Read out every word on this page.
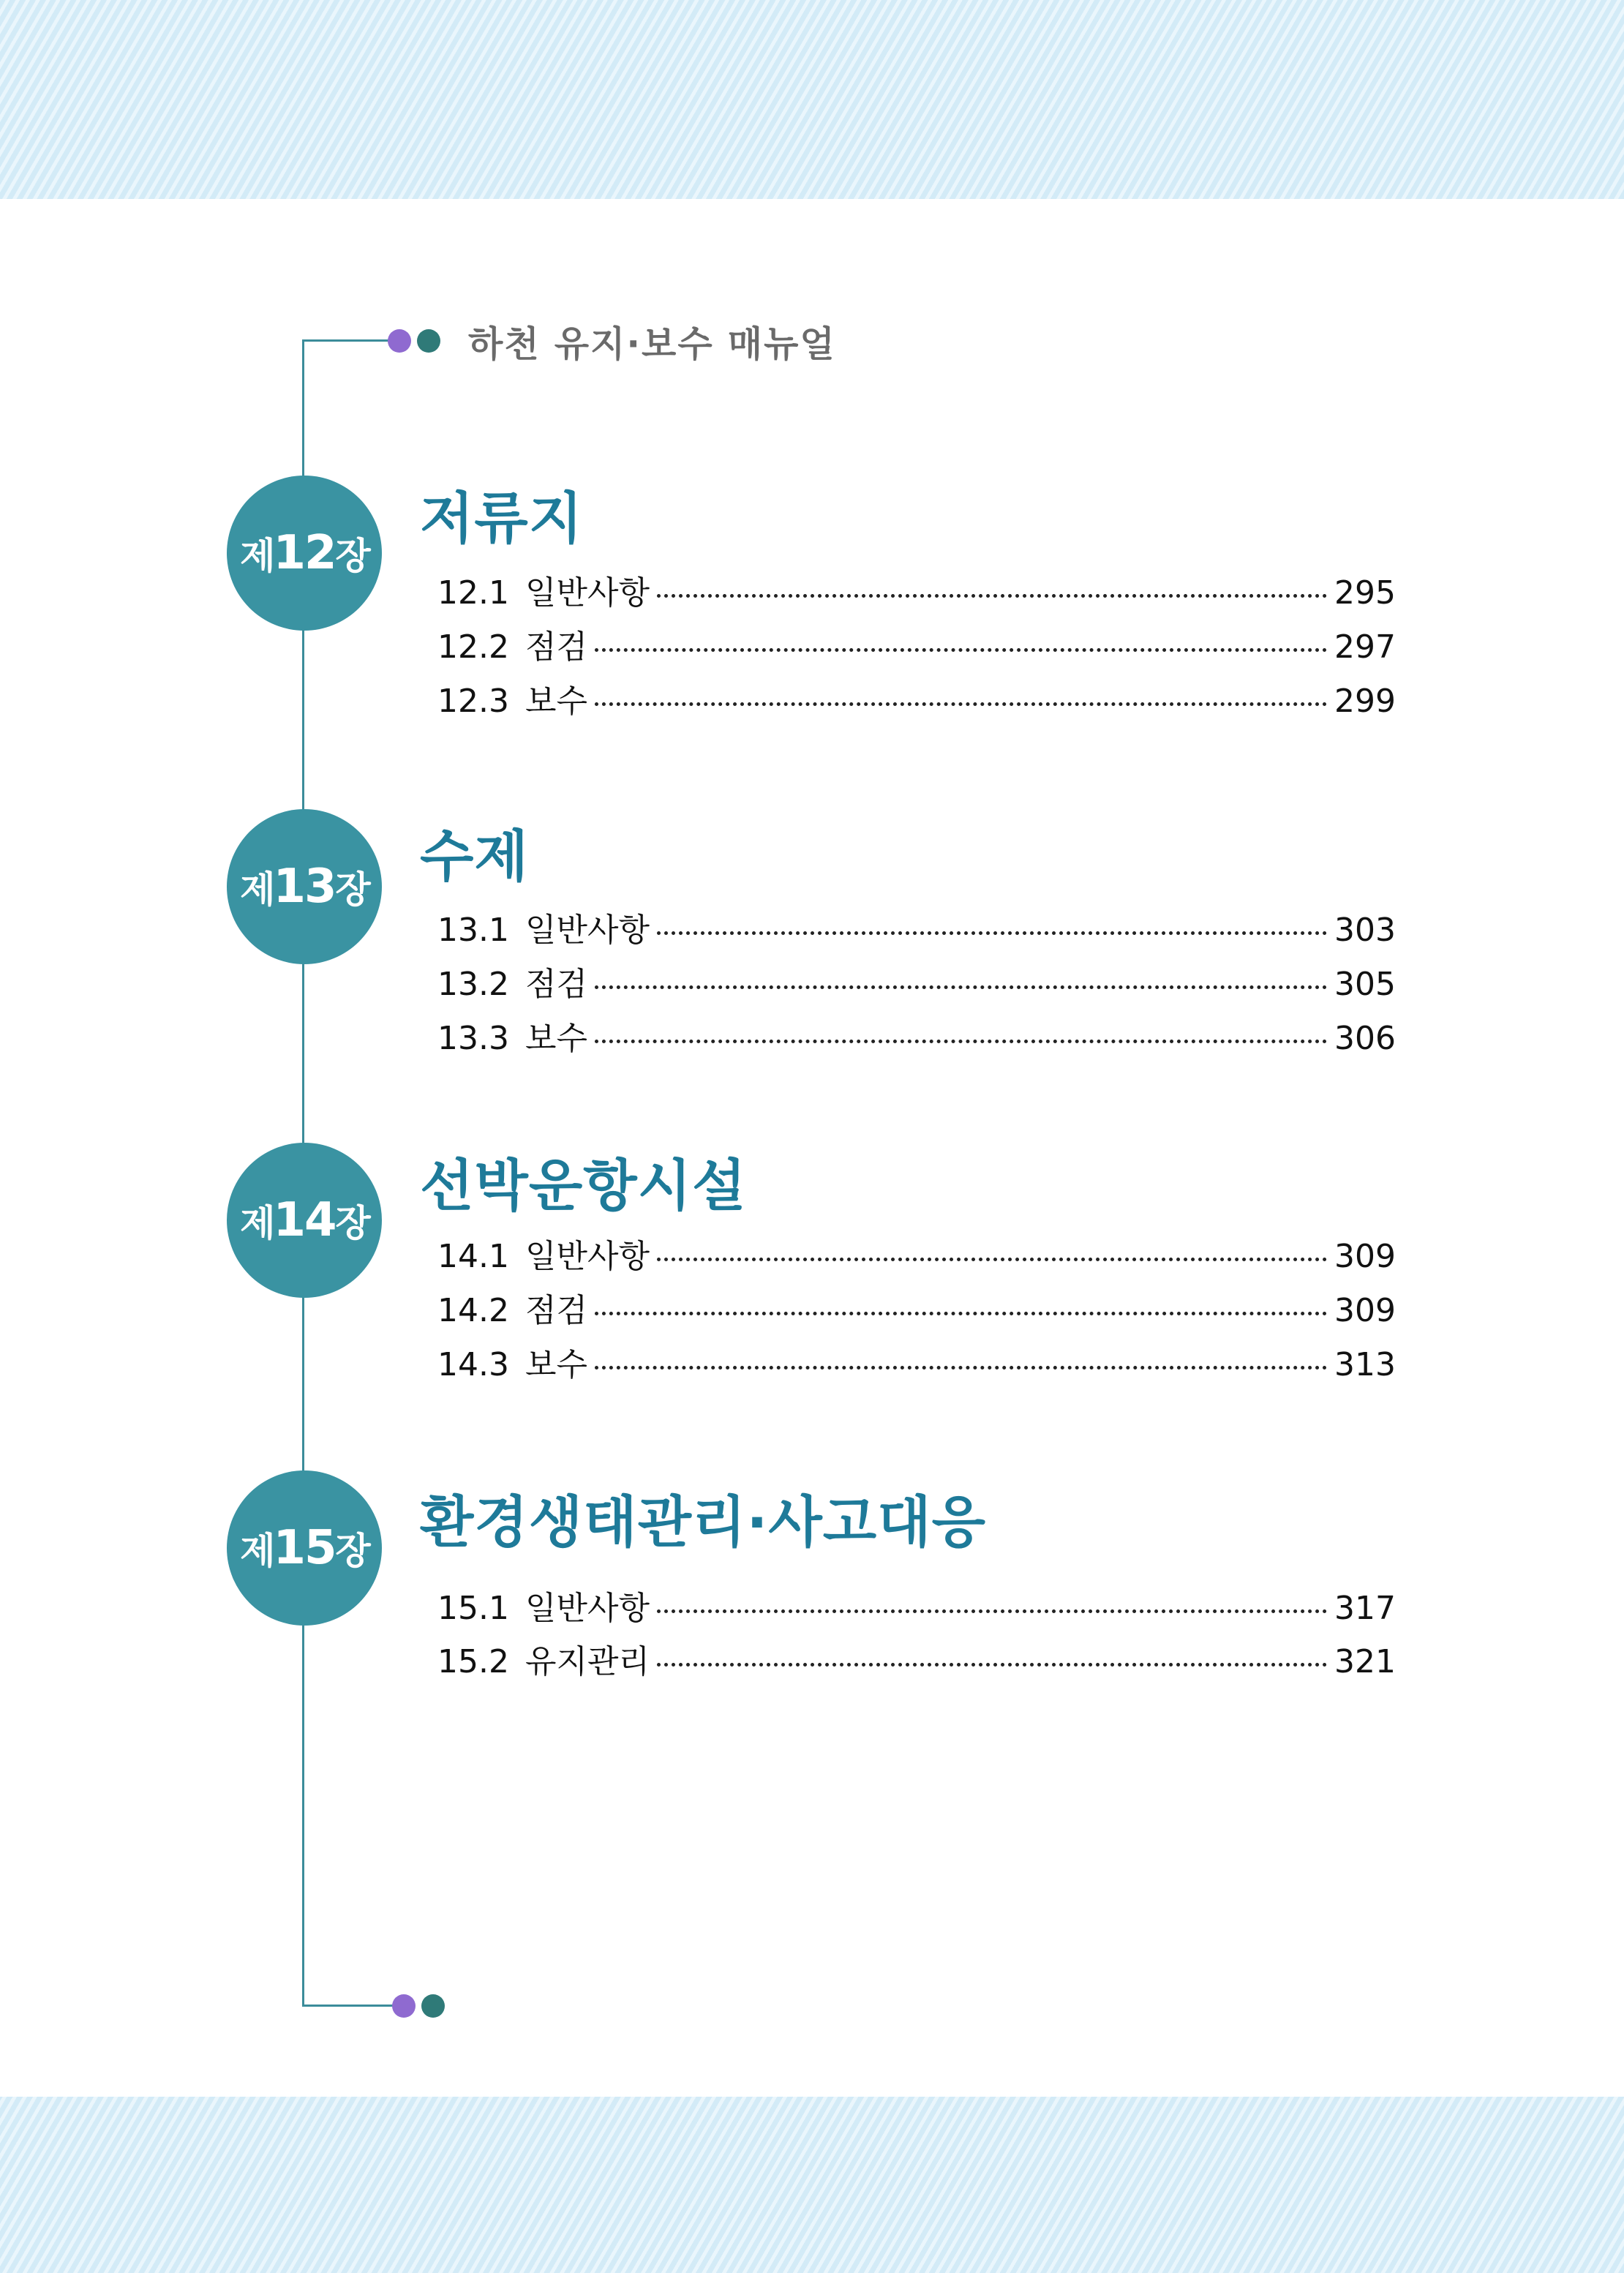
하천 유지·보수 매뉴얼
제 12 장
저류지
12.1 일반사항	295
12.2 점검	297
12.3 보수	299
제 13 장
수제
13.1 일반사항	303
13.2 점검	305
13.3 보수	306
제 14 장
선박운항시설
14.1 일반사항	309
14.2 점검	309
14.3 보수	313
제 15 장 환경생태관리·사고대응
15.1 일반사항	317
15.2 유지관리	321
